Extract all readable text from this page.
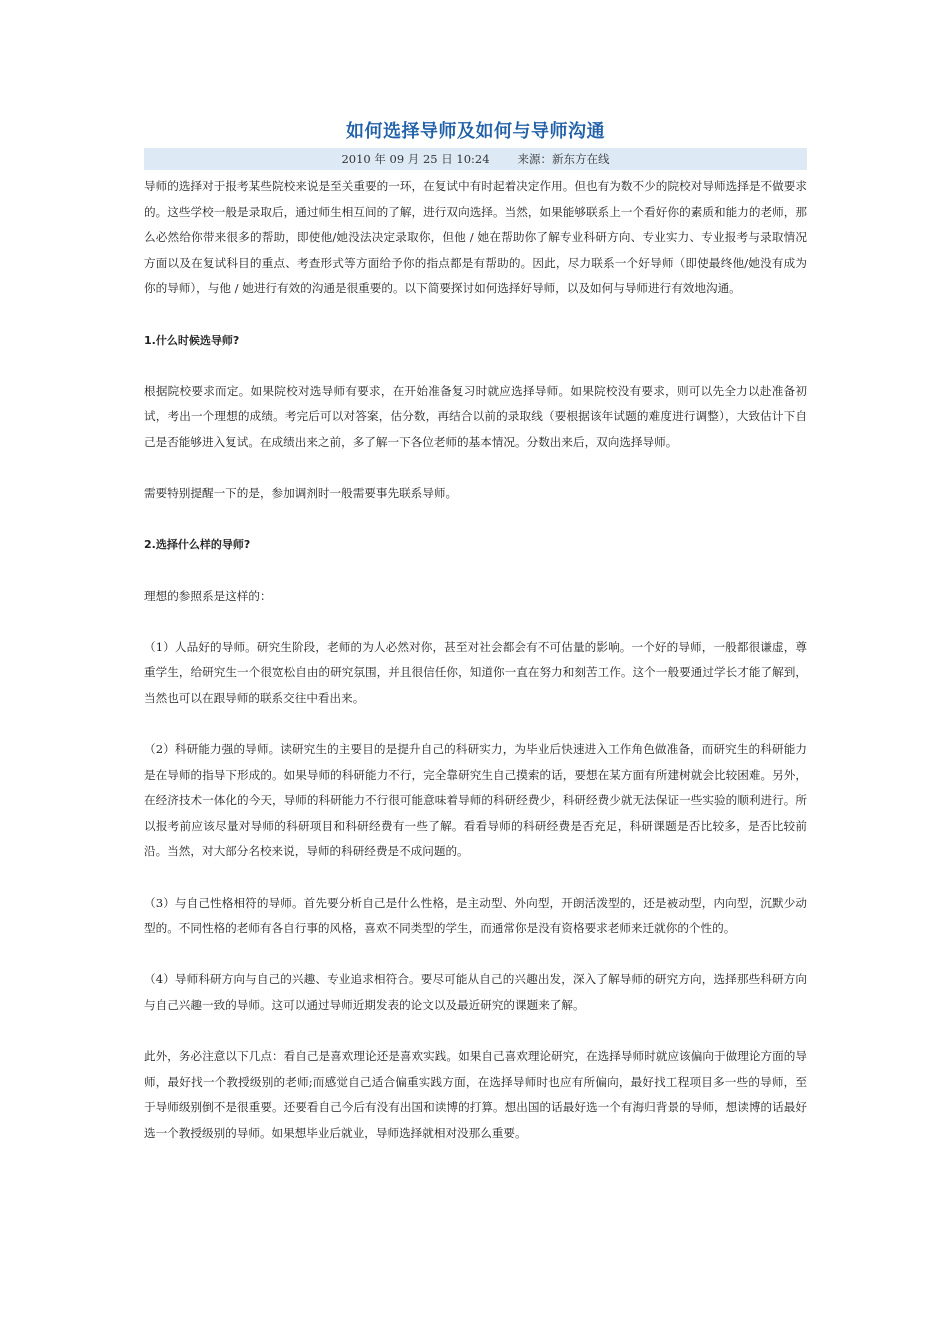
如何选择导师及如何与导师沟通
2010 年 09 月 25 日 10:24 来源：新东方在线

导师的选择对于报考某些院校来说是至关重要的一环，在复试中有时起着决定作用。但也有为数不少的院校对导师选择是不做要求的。这些学校一般是录取后，通过师生相互间的了解，进行双向选择。当然，如果能够联系上一个看好你的素质和能力的老师，那么必然给你带来很多的帮助，即使他/她没法决定录取你，但他 / 她在帮助你了解专业科研方向、专业实力、专业报考与录取情况方面以及在复试科目的重点、考查形式等方面给予你的指点都是有帮助的。因此，尽力联系一个好导师（即使最终他/她没有成为你的导师），与他 / 她进行有效的沟通是很重要的。以下简要探讨如何选择好导师，以及如何与导师进行有效地沟通。

1.什么时候选导师?

根据院校要求而定。如果院校对选导师有要求，在开始准备复习时就应选择导师。如果院校没有要求，则可以先全力以赴准备初试，考出一个理想的成绩。考完后可以对答案，估分数，再结合以前的录取线（要根据该年试题的难度进行调整），大致估计下自己是否能够进入复试。在成绩出来之前，多了解一下各位老师的基本情况。分数出来后，双向选择导师。

需要特别提醒一下的是，参加调剂时一般需要事先联系导师。

2.选择什么样的导师?

理想的参照系是这样的：

（1）人品好的导师。研究生阶段，老师的为人必然对你，甚至对社会都会有不可估量的影响。一个好的导师，一般都很谦虚，尊重学生，给研究生一个很宽松自由的研究氛围，并且很信任你，知道你一直在努力和刻苦工作。这个一般要通过学长才能了解到，当然也可以在跟导师的联系交往中看出来。

（2）科研能力强的导师。读研究生的主要目的是提升自己的科研实力，为毕业后快速进入工作角色做准备，而研究生的科研能力是在导师的指导下形成的。如果导师的科研能力不行，完全靠研究生自己摸索的话，要想在某方面有所建树就会比较困难。另外，在经济技术一体化的今天，导师的科研能力不行很可能意味着导师的科研经费少，科研经费少就无法保证一些实验的顺利进行。所以报考前应该尽量对导师的科研项目和科研经费有一些了解。看看导师的科研经费是否充足，科研课题是否比较多，是否比较前沿。当然，对大部分名校来说，导师的科研经费是不成问题的。

（3）与自己性格相符的导师。首先要分析自己是什么性格，是主动型、外向型，开朗活泼型的，还是被动型，内向型，沉默少动型的。不同性格的老师有各自行事的风格，喜欢不同类型的学生，而通常你是没有资格要求老师来迁就你的个性的。

（4）导师科研方向与自己的兴趣、专业追求相符合。要尽可能从自己的兴趣出发，深入了解导师的研究方向，选择那些科研方向与自己兴趣一致的导师。这可以通过导师近期发表的论文以及最近研究的课题来了解。

此外，务必注意以下几点：看自己是喜欢理论还是喜欢实践。如果自己喜欢理论研究，在选择导师时就应该偏向于做理论方面的导师，最好找一个教授级别的老师;而感觉自己适合偏重实践方面，在选择导师时也应有所偏向，最好找工程项目多一些的导师，至于导师级别倒不是很重要。还要看自己今后有没有出国和读博的打算。想出国的话最好选一个有海归背景的导师，想读博的话最好选一个教授级别的导师。如果想毕业后就业，导师选择就相对没那么重要。
